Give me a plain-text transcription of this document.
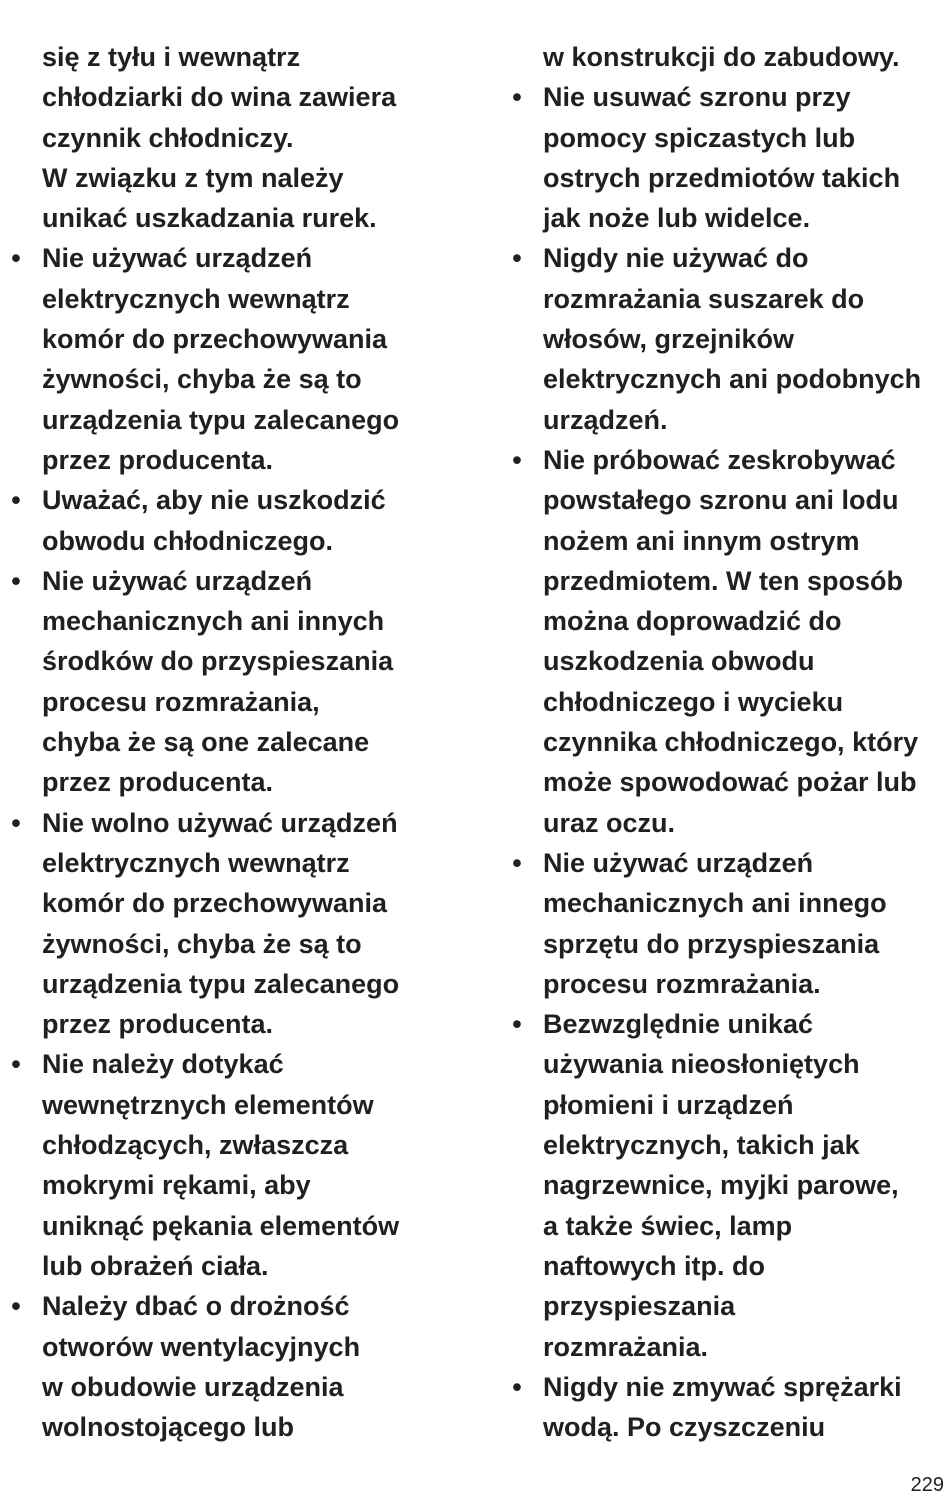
się z tyłu i wewnątrz
chłodziarki do wina zawiera
czynnik chłodniczy.
W związku z tym należy
unikać uszkadzania rurek.

• Nie używać urządzeń
elektrycznych wewnątrz
komór do przechowywania
żywności, chyba że są to
urządzenia typu zalecanego
przez producenta.
• Uważać, aby nie uszkodzić
obwodu chłodniczego.
• Nie używać urządzeń
mechanicznych ani innych
środków do przyspieszania
procesu rozmrażania,
chyba że są one zalecane
przez producenta.
• Nie wolno używać urządzeń
elektrycznych wewnątrz
komór do przechowywania
żywności, chyba że są to
urządzenia typu zalecanego
przez producenta.
• Nie należy dotykać
wewnętrznych elementów
chłodzących, zwłaszcza
mokrymi rękami, aby
uniknąć pękania elementów
lub obrażeń ciała.
• Należy dbać o drożność
otworów wentylacyjnych
w obudowie urządzenia
wolnostojącego lub

w konstrukcji do zabudowy.

• Nie usuwać szronu przy
pomocy spiczastych lub
ostrych przedmiotów takich
jak noże lub widelce.
• Nigdy nie używać do
rozmrażania suszarek do
włosów, grzejników
elektrycznych ani podobnych
urządzeń.
• Nie próbować zeskrobywać
powstałego szronu ani lodu
nożem ani innym ostrym
przedmiotem. W ten sposób
można doprowadzić do
uszkodzenia obwodu
chłodniczego i wycieku
czynnika chłodniczego, który
może spowodować pożar lub
uraz oczu.
• Nie używać urządzeń
mechanicznych ani innego
sprzętu do przyspieszania
procesu rozmrażania.
• Bezwzględnie unikać
używania nieosłoniętych
płomieni i urządzeń
elektrycznych, takich jak
nagrzewnice, myjki parowe,
a także świec, lamp
naftowych itp. do
przyspieszania
rozmrażania.
• Nigdy nie zmywać sprężarki
wodą. Po czyszczeniu
229
